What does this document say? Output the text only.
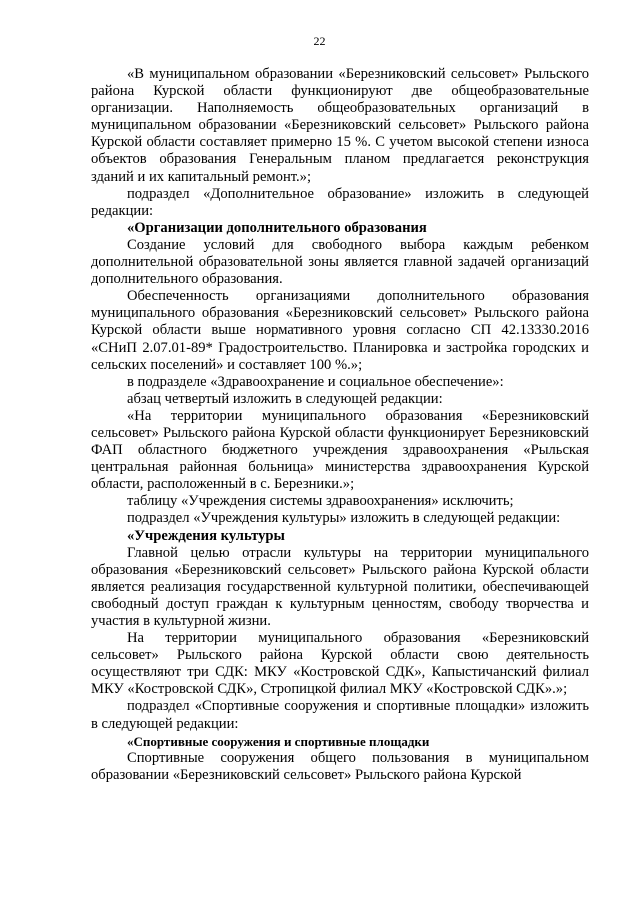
22

«В муниципальном образовании «Березниковский сельсовет» Рыльского района Курской области функционируют две общеобразовательные организации. Наполняемость общеобразовательных организаций в муниципальном образовании «Березниковский сельсовет» Рыльского района Курской области составляет примерно 15 %. С учетом высокой степени износа объектов образования Генеральным планом предлагается реконструкция зданий и их капитальный ремонт.»;

подраздел «Дополнительное образование» изложить в следующей редакции:

«Организации дополнительного образования

Создание условий для свободного выбора каждым ребенком дополнительной образовательной зоны является главной задачей организаций дополнительного образования.

Обеспеченность организациями дополнительного образования муниципального образования «Березниковский сельсовет» Рыльского района Курской области выше нормативного уровня согласно СП 42.13330.2016 «СНиП 2.07.01-89* Градостроительство. Планировка и застройка городских и сельских поселений» и составляет 100 %.»;

в подразделе «Здравоохранение и социальное обеспечение»:

абзац четвертый изложить в следующей редакции:

«На территории муниципального образования «Березниковский сельсовет» Рыльского района Курской области функционирует Березниковский ФАП областного бюджетного учреждения здравоохранения «Рыльская центральная районная больница» министерства здравоохранения Курской области, расположенный в с. Березники.»;

таблицу «Учреждения системы здравоохранения» исключить;

подраздел «Учреждения культуры» изложить в следующей редакции:

«Учреждения культуры

Главной целью отрасли культуры на территории муниципального образования «Березниковский сельсовет» Рыльского района Курской области является реализация государственной культурной политики, обеспечивающей свободный доступ граждан к культурным ценностям, свободу творчества и участия в культурной жизни.

На территории муниципального образования «Березниковский сельсовет» Рыльского района Курской области свою деятельность осуществляют три СДК: МКУ «Костровской СДК», Капыстичанский филиал МКУ «Костровской СДК», Стропицкой филиал МКУ «Костровской СДК».»;

подраздел «Спортивные сооружения и спортивные площадки» изложить в следующей редакции:

«Спортивные сооружения и спортивные площадки

Спортивные сооружения общего пользования в муниципальном образовании «Березниковский сельсовет» Рыльского района Курской
